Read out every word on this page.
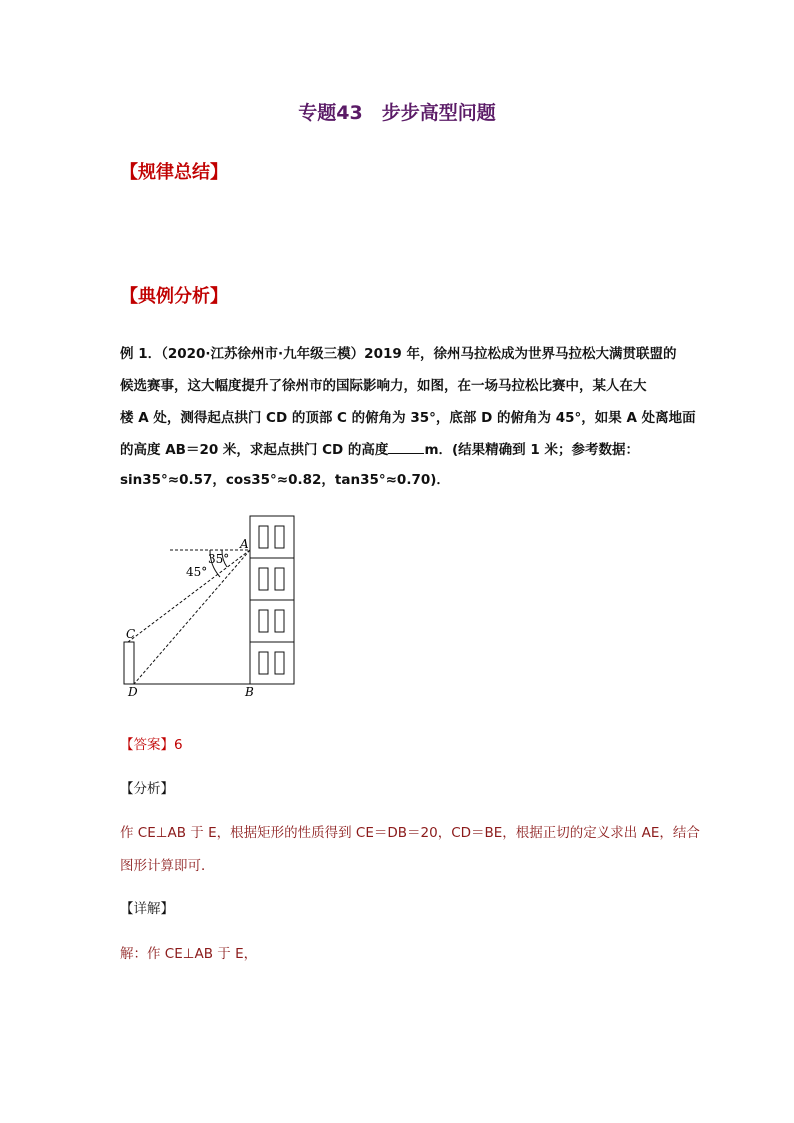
专题43　步步高型问题
【规律总结】
【典例分析】
例 1．（2020·江苏徐州市·九年级三模）2019 年，徐州马拉松成为世界马拉松大满贯联盟的
候选赛事，这大幅度提升了徐州市的国际影响力，如图，在一场马拉松比赛中，某人在大
楼 A 处，测得起点拱门 CD 的顶部 C 的俯角为 35°，底部 D 的俯角为 45°，如果 A 处离地面
的高度 AB＝20 米，求起点拱门 CD 的高度	m．(结果精确到 1 米；参考数据：
sin35°≈0.57，cos35°≈0.82，tan35°≈0.70)．
A
B
C
D
35°
45°
【答案】6
【分析】
作 CE⊥AB 于 E，根据矩形的性质得到 CE＝DB＝20，CD＝BE，根据正切的定义求出 AE，结合
图形计算即可．
【详解】
解：作 CE⊥AB 于 E，
